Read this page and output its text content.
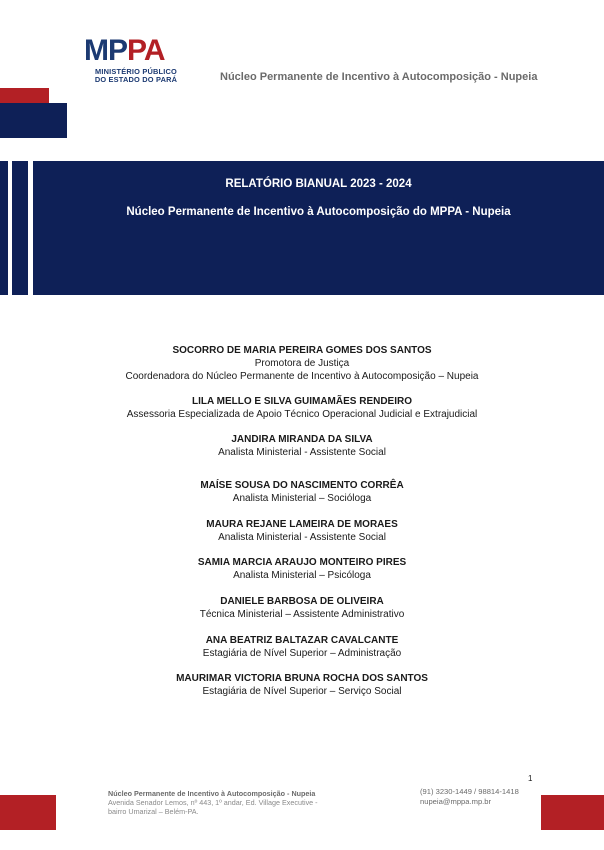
MPPA
MINISTÉRIO PÚBLICO
DO ESTADO DO PARÁ	Núcleo Permanente de Incentivo à Autocomposição - Nupeia
RELATÓRIO BIANUAL 2023 - 2024
Núcleo Permanente de Incentivo à Autocomposição do MPPA - Nupeia
SOCORRO DE MARIA PEREIRA GOMES DOS SANTOS
Promotora de Justiça
Coordenadora do Núcleo Permanente de Incentivo à Autocomposição – Nupeia
LILA MELLO E SILVA GUIMAMÃES RENDEIRO
Assessoria Especializada de Apoio Técnico Operacional Judicial e Extrajudicial
JANDIRA MIRANDA DA SILVA
Analista Ministerial - Assistente Social
MAÍSE SOUSA DO NASCIMENTO CORRÊA
Analista Ministerial – Socióloga
MAURA REJANE LAMEIRA DE MORAES
Analista Ministerial - Assistente Social
SAMIA MARCIA ARAUJO MONTEIRO PIRES
Analista Ministerial – Psicóloga
DANIELE BARBOSA DE OLIVEIRA
Técnica Ministerial – Assistente Administrativo
ANA BEATRIZ BALTAZAR CAVALCANTE
Estagiária de Nível Superior – Administração
MAURIMAR VICTORIA BRUNA ROCHA DOS SANTOS
Estagiária de Nível Superior – Serviço Social
1
Núcleo Permanente de Incentivo à Autocomposição - Nupeia
Avenida Senador Lemos, nº 443, 1º andar, Ed. Village Executive -
bairro Umarizal – Belém-PA.
(91) 3230-1449 / 98814-1418
nupeia@mppa.mp.br
